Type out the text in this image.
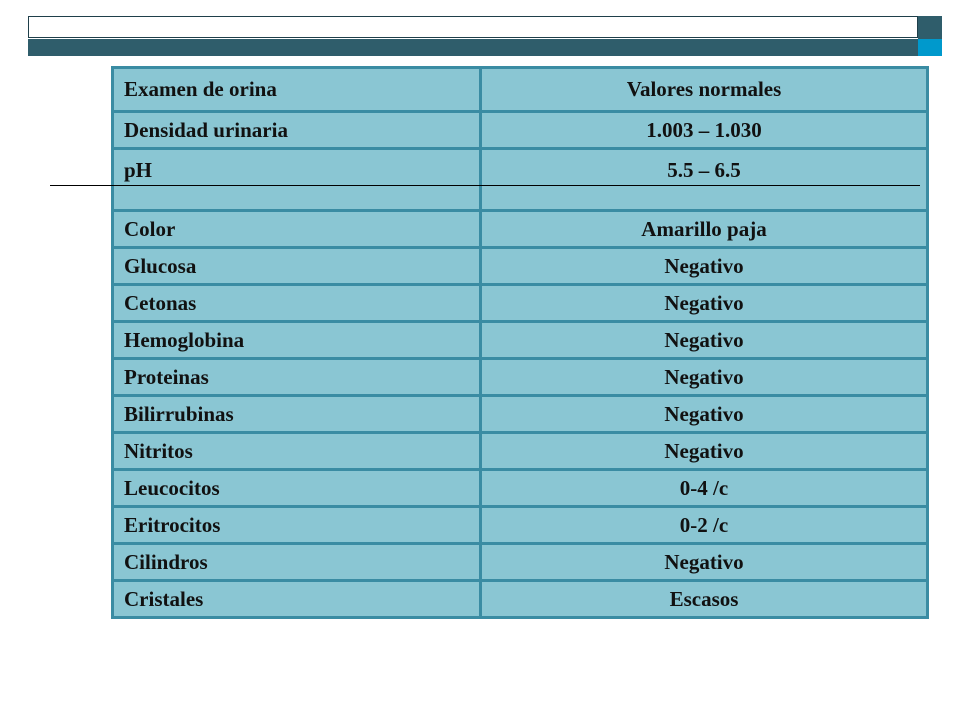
Examen de orina	Valores normales
Densidad urinaria	1.003 – 1.030
pH	5.5 – 6.5
Color	Amarillo paja
Glucosa	Negativo
Cetonas	Negativo
Hemoglobina	Negativo
Proteinas	Negativo
Bilirrubinas	Negativo
Nitritos	Negativo
Leucocitos	0-4 /c
Eritrocitos	0-2 /c
Cilindros	Negativo
Cristales	Escasos
